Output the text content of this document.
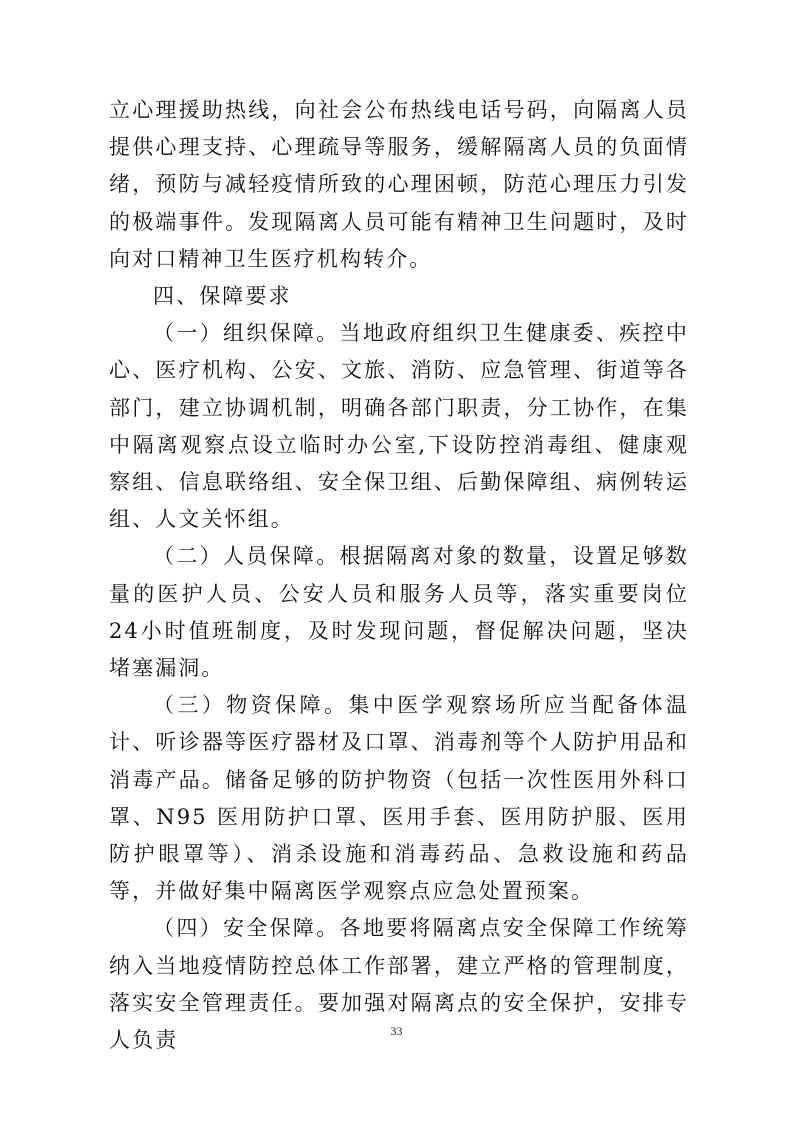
立心理援助热线，向社会公布热线电话号码，向隔离人员提供心理支持、心理疏导等服务，缓解隔离人员的负面情绪，预防与减轻疫情所致的心理困顿，防范心理压力引发的极端事件。发现隔离人员可能有精神卫生问题时，及时向对口精神卫生医疗机构转介。

四、保障要求

（一）组织保障。当地政府组织卫生健康委、疾控中心、医疗机构、公安、文旅、消防、应急管理、街道等各部门，建立协调机制，明确各部门职责，分工协作，在集中隔离观察点设立临时办公室,下设防控消毒组、健康观察组、信息联络组、安全保卫组、后勤保障组、病例转运组、人文关怀组。

（二）人员保障。根据隔离对象的数量，设置足够数量的医护人员、公安人员和服务人员等，落实重要岗位24小时值班制度，及时发现问题，督促解决问题，坚决堵塞漏洞。

（三）物资保障。集中医学观察场所应当配备体温计、听诊器等医疗器材及口罩、消毒剂等个人防护用品和消毒产品。储备足够的防护物资（包括一次性医用外科口罩、N95 医用防护口罩、医用手套、医用防护服、医用防护眼罩等）、消杀设施和消毒药品、急救设施和药品等，并做好集中隔离医学观察点应急处置预案。

（四）安全保障。各地要将隔离点安全保障工作统筹纳入当地疫情防控总体工作部署，建立严格的管理制度，落实安全管理责任。要加强对隔离点的安全保护，安排专人负责	33
